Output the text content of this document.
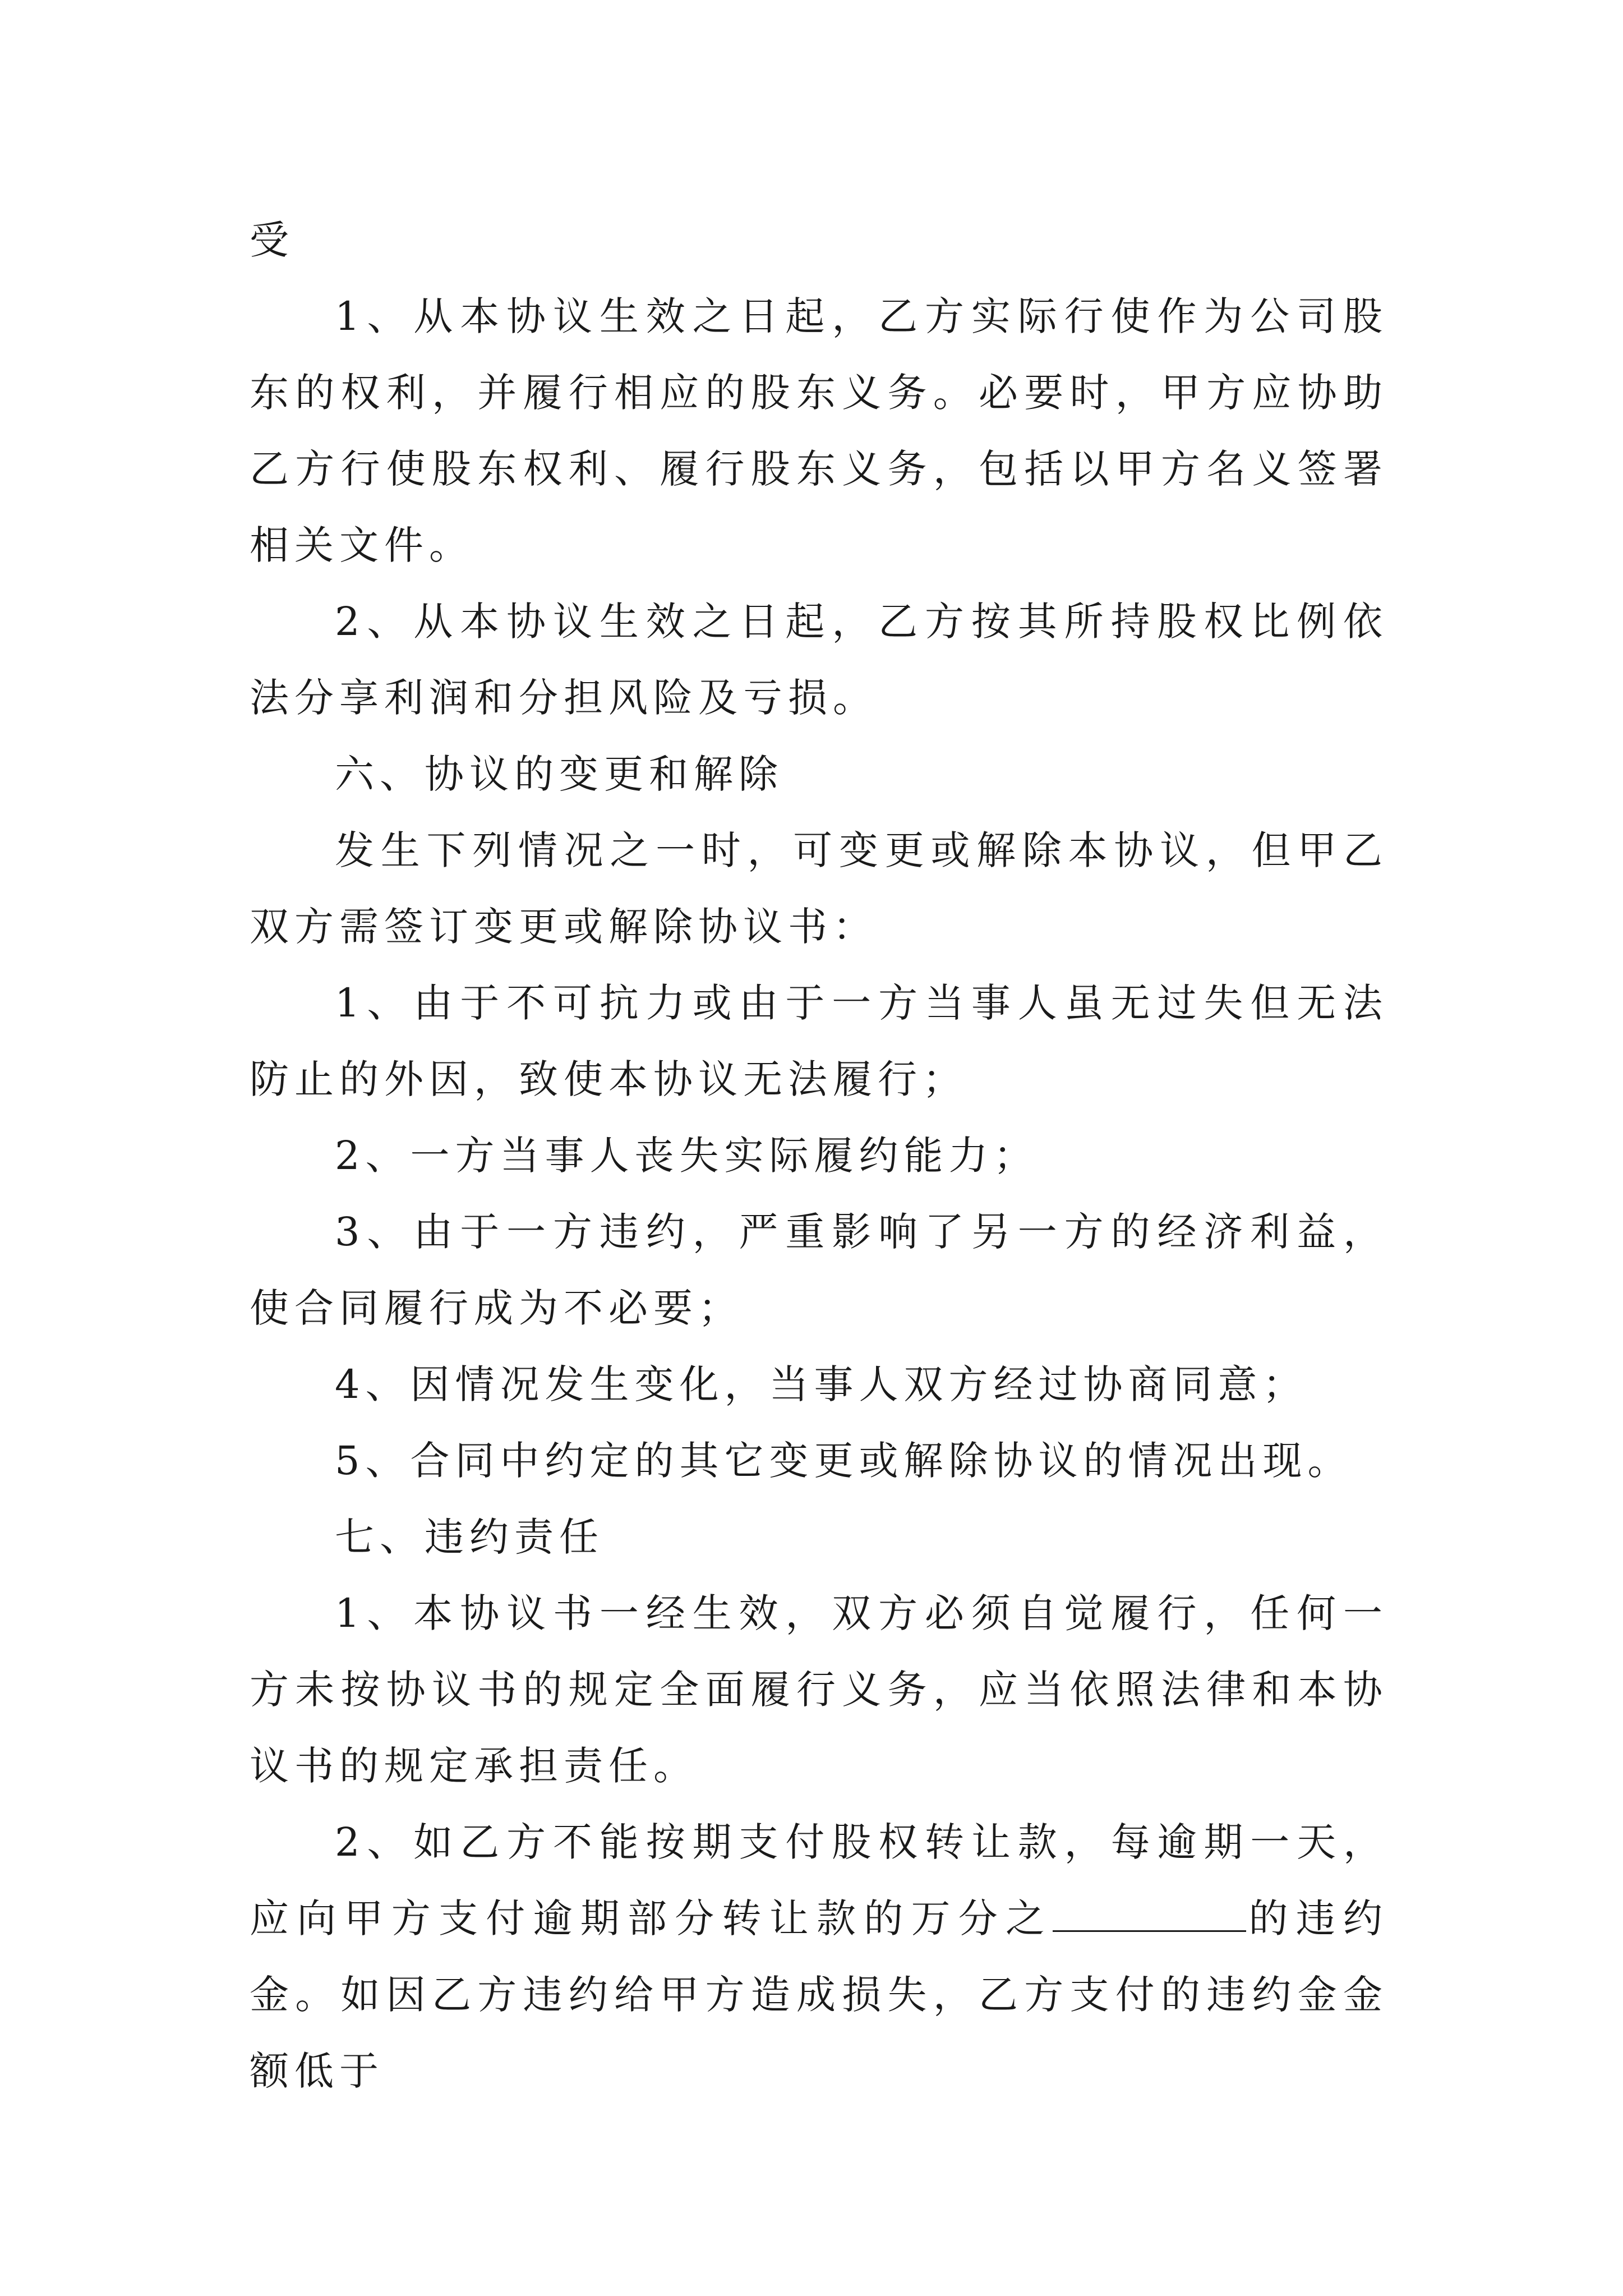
受

1、从本协议生效之日起，乙方实际行使作为公司股东的权利，并履行相应的股东义务。必要时，甲方应协助乙方行使股东权利、履行股东义务，包括以甲方名义签署相关文件。

2、从本协议生效之日起，乙方按其所持股权比例依法分享利润和分担风险及亏损。

六、协议的变更和解除

发生下列情况之一时，可变更或解除本协议，但甲乙双方需签订变更或解除协议书：

1、由于不可抗力或由于一方当事人虽无过失但无法防止的外因，致使本协议无法履行；

2、一方当事人丧失实际履约能力；

3、由于一方违约，严重影响了另一方的经济利益，使合同履行成为不必要；

4、因情况发生变化，当事人双方经过协商同意；

5、合同中约定的其它变更或解除协议的情况出现。

七、违约责任

1、本协议书一经生效，双方必须自觉履行，任何一方未按协议书的规定全面履行义务，应当依照法律和本协议书的规定承担责任。

2、如乙方不能按期支付股权转让款，每逾期一天，应向甲方支付逾期部分转让款的万分之	的违约金。如因乙方违约给甲方造成损失，乙方支付的违约金金额低于
